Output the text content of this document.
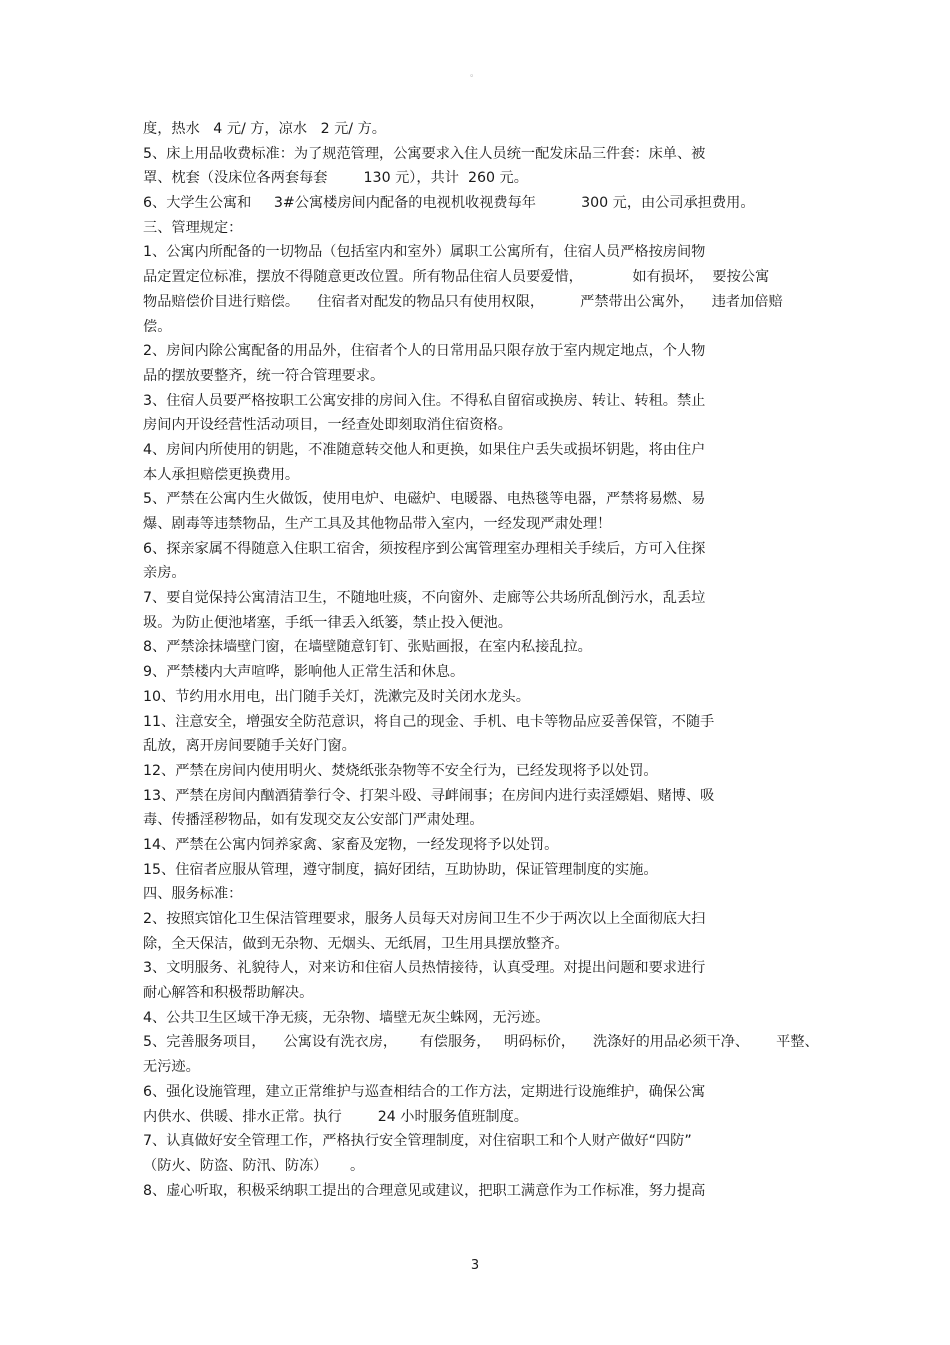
。
度，热水   4 元/ 方，凉水   2 元/ 方。
5、床上用品收费标准：为了规范管理，公寓要求入住人员统一配发床品三件套：床单、被
罩、枕套（没床位各两套每套        130 元），共计  260 元。
6、大学生公寓和     3#公寓楼房间内配备的电视机收视费每年          300 元，由公司承担费用。
三、管理规定：
1、公寓内所配备的一切物品（包括室内和室外）属职工公寓所有，住宿人员严格按房间物
品定置定位标准，摆放不得随意更改位置。所有物品住宿人员要爱惜，           如有损坏，  要按公寓
物品赔偿价目进行赔偿。    住宿者对配发的物品只有使用权限，        严禁带出公寓外，    违者加倍赔
偿。
2、房间内除公寓配备的用品外，住宿者个人的日常用品只限存放于室内规定地点，个人物
品的摆放要整齐，统一符合管理要求。
3、住宿人员要严格按职工公寓安排的房间入住。不得私自留宿或换房、转让、转租。禁止
房间内开设经营性活动项目，一经查处即刻取消住宿资格。
4、房间内所使用的钥匙，不准随意转交他人和更换，如果住户丢失或损坏钥匙，将由住户
本人承担赔偿更换费用。
5、严禁在公寓内生火做饭，使用电炉、电磁炉、电暖器、电热毯等电器，严禁将易燃、易
爆、剧毒等违禁物品，生产工具及其他物品带入室内，一经发现严肃处理！
6、探亲家属不得随意入住职工宿舍，须按程序到公寓管理室办理相关手续后，方可入住探
亲房。
7、要自觉保持公寓清洁卫生，不随地吐痰，不向窗外、走廊等公共场所乱倒污水，乱丢垃
圾。为防止便池堵塞，手纸一律丢入纸篓，禁止投入便池。
8、严禁涂抹墙壁门窗，在墙壁随意钉钉、张贴画报，在室内私接乱拉。
9、严禁楼内大声喧哗，影响他人正常生活和休息。
10、节约用水用电，出门随手关灯，洗漱完及时关闭水龙头。
11、注意安全，增强安全防范意识，将自己的现金、手机、电卡等物品应妥善保管，不随手
乱放，离开房间要随手关好门窗。
12、严禁在房间内使用明火、焚烧纸张杂物等不安全行为，已经发现将予以处罚。
13、严禁在房间内酗酒猜拳行令、打架斗殴、寻衅闹事；在房间内进行卖淫嫖娼、赌博、吸
毒、传播淫秽物品，如有发现交友公安部门严肃处理。
14、严禁在公寓内饲养家禽、家畜及宠物，一经发现将予以处罚。
15、住宿者应服从管理，遵守制度，搞好团结，互助协助，保证管理制度的实施。
四、服务标准：
2、按照宾馆化卫生保洁管理要求，服务人员每天对房间卫生不少于两次以上全面彻底大扫
除，全天保洁，做到无杂物、无烟头、无纸屑，卫生用具摆放整齐。
3、文明服务、礼貌待人，对来访和住宿人员热情接待，认真受理。对提出问题和要求进行
耐心解答和积极帮助解决。
4、公共卫生区域干净无痰，无杂物、墙壁无灰尘蛛网，无污迹。
5、完善服务项目，    公寓设有洗衣房，     有偿服务，   明码标价，    洗涤好的用品必须干净、      平整、
无污迹。
6、强化设施管理，建立正常维护与巡查相结合的工作方法，定期进行设施维护，确保公寓
内供水、供暖、排水正常。执行        24 小时服务值班制度。
7、认真做好安全管理工作，严格执行安全管理制度，对住宿职工和个人财产做好“四防”
（防火、防盗、防汛、防冻）     。
8、虚心听取，积极采纳职工提出的合理意见或建议，把职工满意作为工作标准，努力提高
3
